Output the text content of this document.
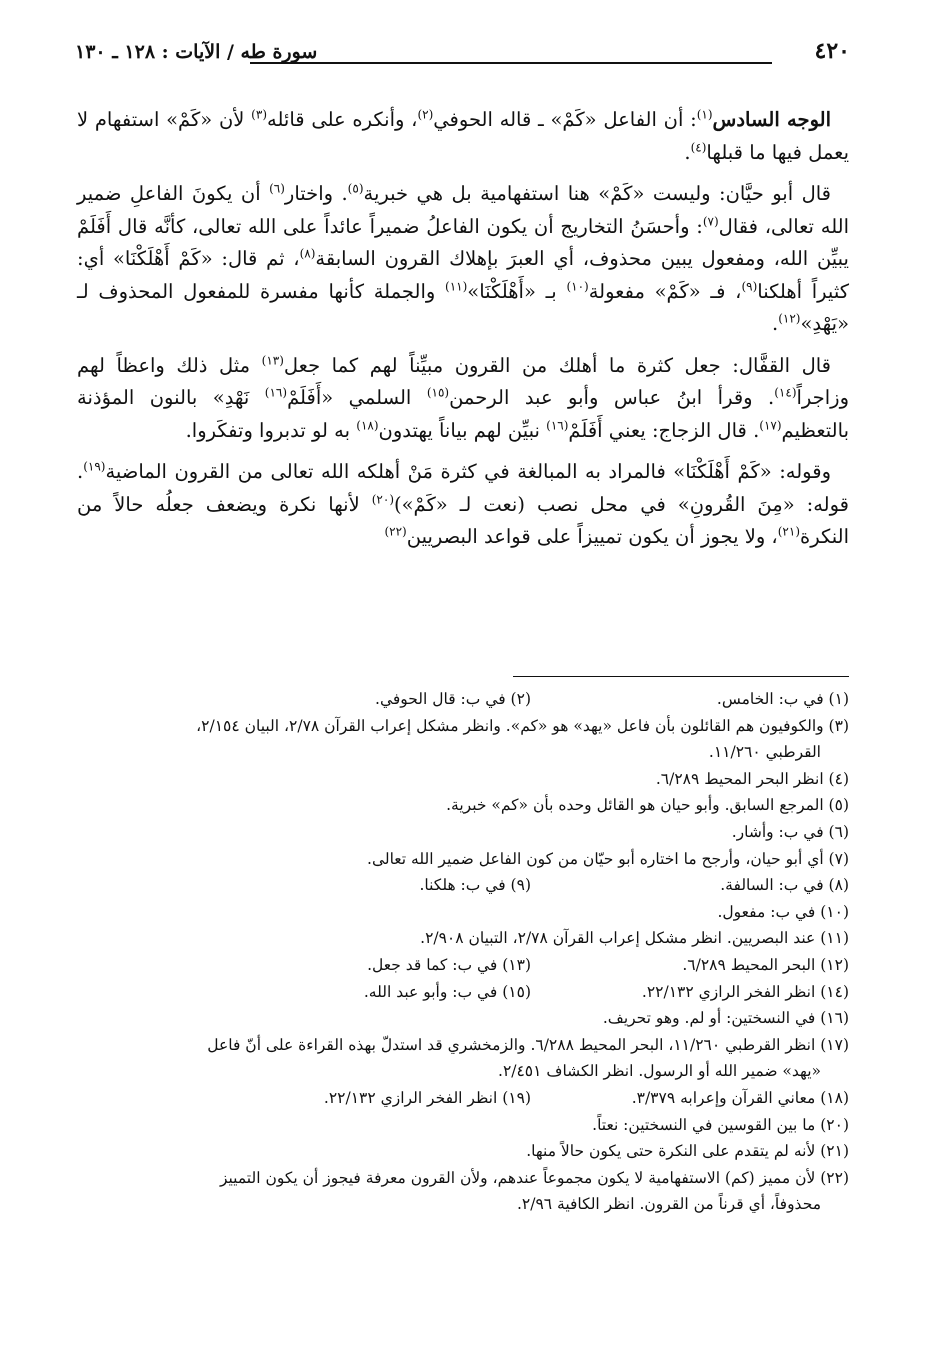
٤٢٠
سورة طه / الآيات : ١٢٨ ـ ١٣٠

الوجه السادس$^{(١)}$: أن الفاعل «كَمْ» ـ قاله الحوفي$^{(٢)}$، وأنكره على قائله$^{(٣)}$ لأن «كَمْ» استفهام لا يعمل فيها ما قبلها$^{(٤)}$.

قال أبو حيَّان: وليست «كَمْ» هنا استفهامية بل هي خبرية$^{(٥)}$. واختار$^{(٦)}$ أن يكونَ الفاعلِ ضمير الله تعالى، فقال$^{(٧)}$: وأحسَنُ التخاريج أن يكون الفاعلُ ضميراً عائداً على الله تعالى، كأنَّه قال أَفَلَمْ يبيِّن الله، ومفعول يبين محذوف، أي العبرَ بإهلاك القرون السابقة$^{(٨)}$، ثم قال: «كَمْ أَهْلَكْنَا» أي: كثيراً أهلكنا$^{(٩)}$، فـ «كَمْ» مفعولة$^{(١٠)}$ بـ «أَهْلَكْنَا»$^{(١١)}$ والجملة كأنها مفسرة للمفعول المحذوف لـ «يَهْدِ»$^{(١٢)}$.

قال القفَّال: جعل كثرة ما أهلك من القرون مبيِّناً لهم كما جعل$^{(١٣)}$ مثل ذلك واعظاً لهم وزاجراً$^{(١٤)}$. وقرأ ابنُ عباس وأبو عبد الرحمن$^{(١٥)}$ السلمي «أَفَلَمْ$^{(١٦)}$ نَهْدِ» بالنون المؤذنة بالتعظيم$^{(١٧)}$. قال الزجاج: يعني أَفَلَمْ$^{(١٦)}$ نبيِّن لهم بياناً يهتدون$^{(١٨)}$ به لو تدبروا وتفكَروا.

وقوله: «كَمْ أَهْلَكْنَا» فالمراد به المبالغة في كثرة مَنْ أهلكه الله تعالى من القرون الماضية$^{(١٩)}$. قوله: «مِنَ القُرونِ» في محل نصب (نعت لـ «كَمْ»)$^{(٢٠)}$ لأنها نكرة ويضعف جعلُه حالاً من النكرة$^{(٢١)}$، ولا يجوز أن يكون تمييزاً على قواعد البصريين$^{(٢٢)}$

(١) في ب: الخامس.

(٢) في ب: قال الحوفي.

(٣) والكوفيون هم القائلون بأن فاعل «يهد» هو «كم». وانظر مشكل إعراب القرآن ٢/٧٨، البيان ٢/١٥٤،

القرطبي ١١/٢٦٠.

(٤) انظر البحر المحيط ٦/٢٨٩.

(٥) المرجع السابق. وأبو حيان هو القائل وحده بأن «كم» خبرية.

(٦) في ب: وأشار.

(٧) أي أبو حيان، وأرجح ما اختاره أبو حيّان من كون الفاعل ضمير الله تعالى.

(٨) في ب: السالفة.

(٩) في ب: هلكنا.

(١٠) في ب: مفعول.

(١١) عند البصريين. انظر مشكل إعراب القرآن ٢/٧٨، التبيان ٢/٩٠٨.

(١٢) البحر المحيط ٦/٢٨٩.

(١٣) في ب: كما قد جعل.

(١٤) انظر الفخر الرازي ٢٢/١٣٢.

(١٥) في ب: وأبو عبد الله.

(١٦) في النسختين: أو لم. وهو تحريف.

(١٧) انظر القرطبي ١١/٢٦٠، البحر المحيط ٦/٢٨٨. والزمخشري قد استدلّ بهذه القراءة على أنّ فاعل

«يهد» ضمير الله أو الرسول. انظر الكشاف ٢/٤٥١.

(١٨) معاني القرآن وإعرابه ٣/٣٧٩.

(١٩) انظر الفخر الرازي ٢٢/١٣٢.

(٢٠) ما بين القوسين في النسختين: نعتاً.

(٢١) لأنه لم يتقدم على النكرة حتى يكون حالاً منها.

(٢٢) لأن مميز (كم) الاستفهامية لا يكون مجموعاً عندهم، ولأن القرون معرفة فيجوز أن يكون التمييز

محذوفاً، أي قرناً من القرون. انظر الكافية ٢/٩٦.
